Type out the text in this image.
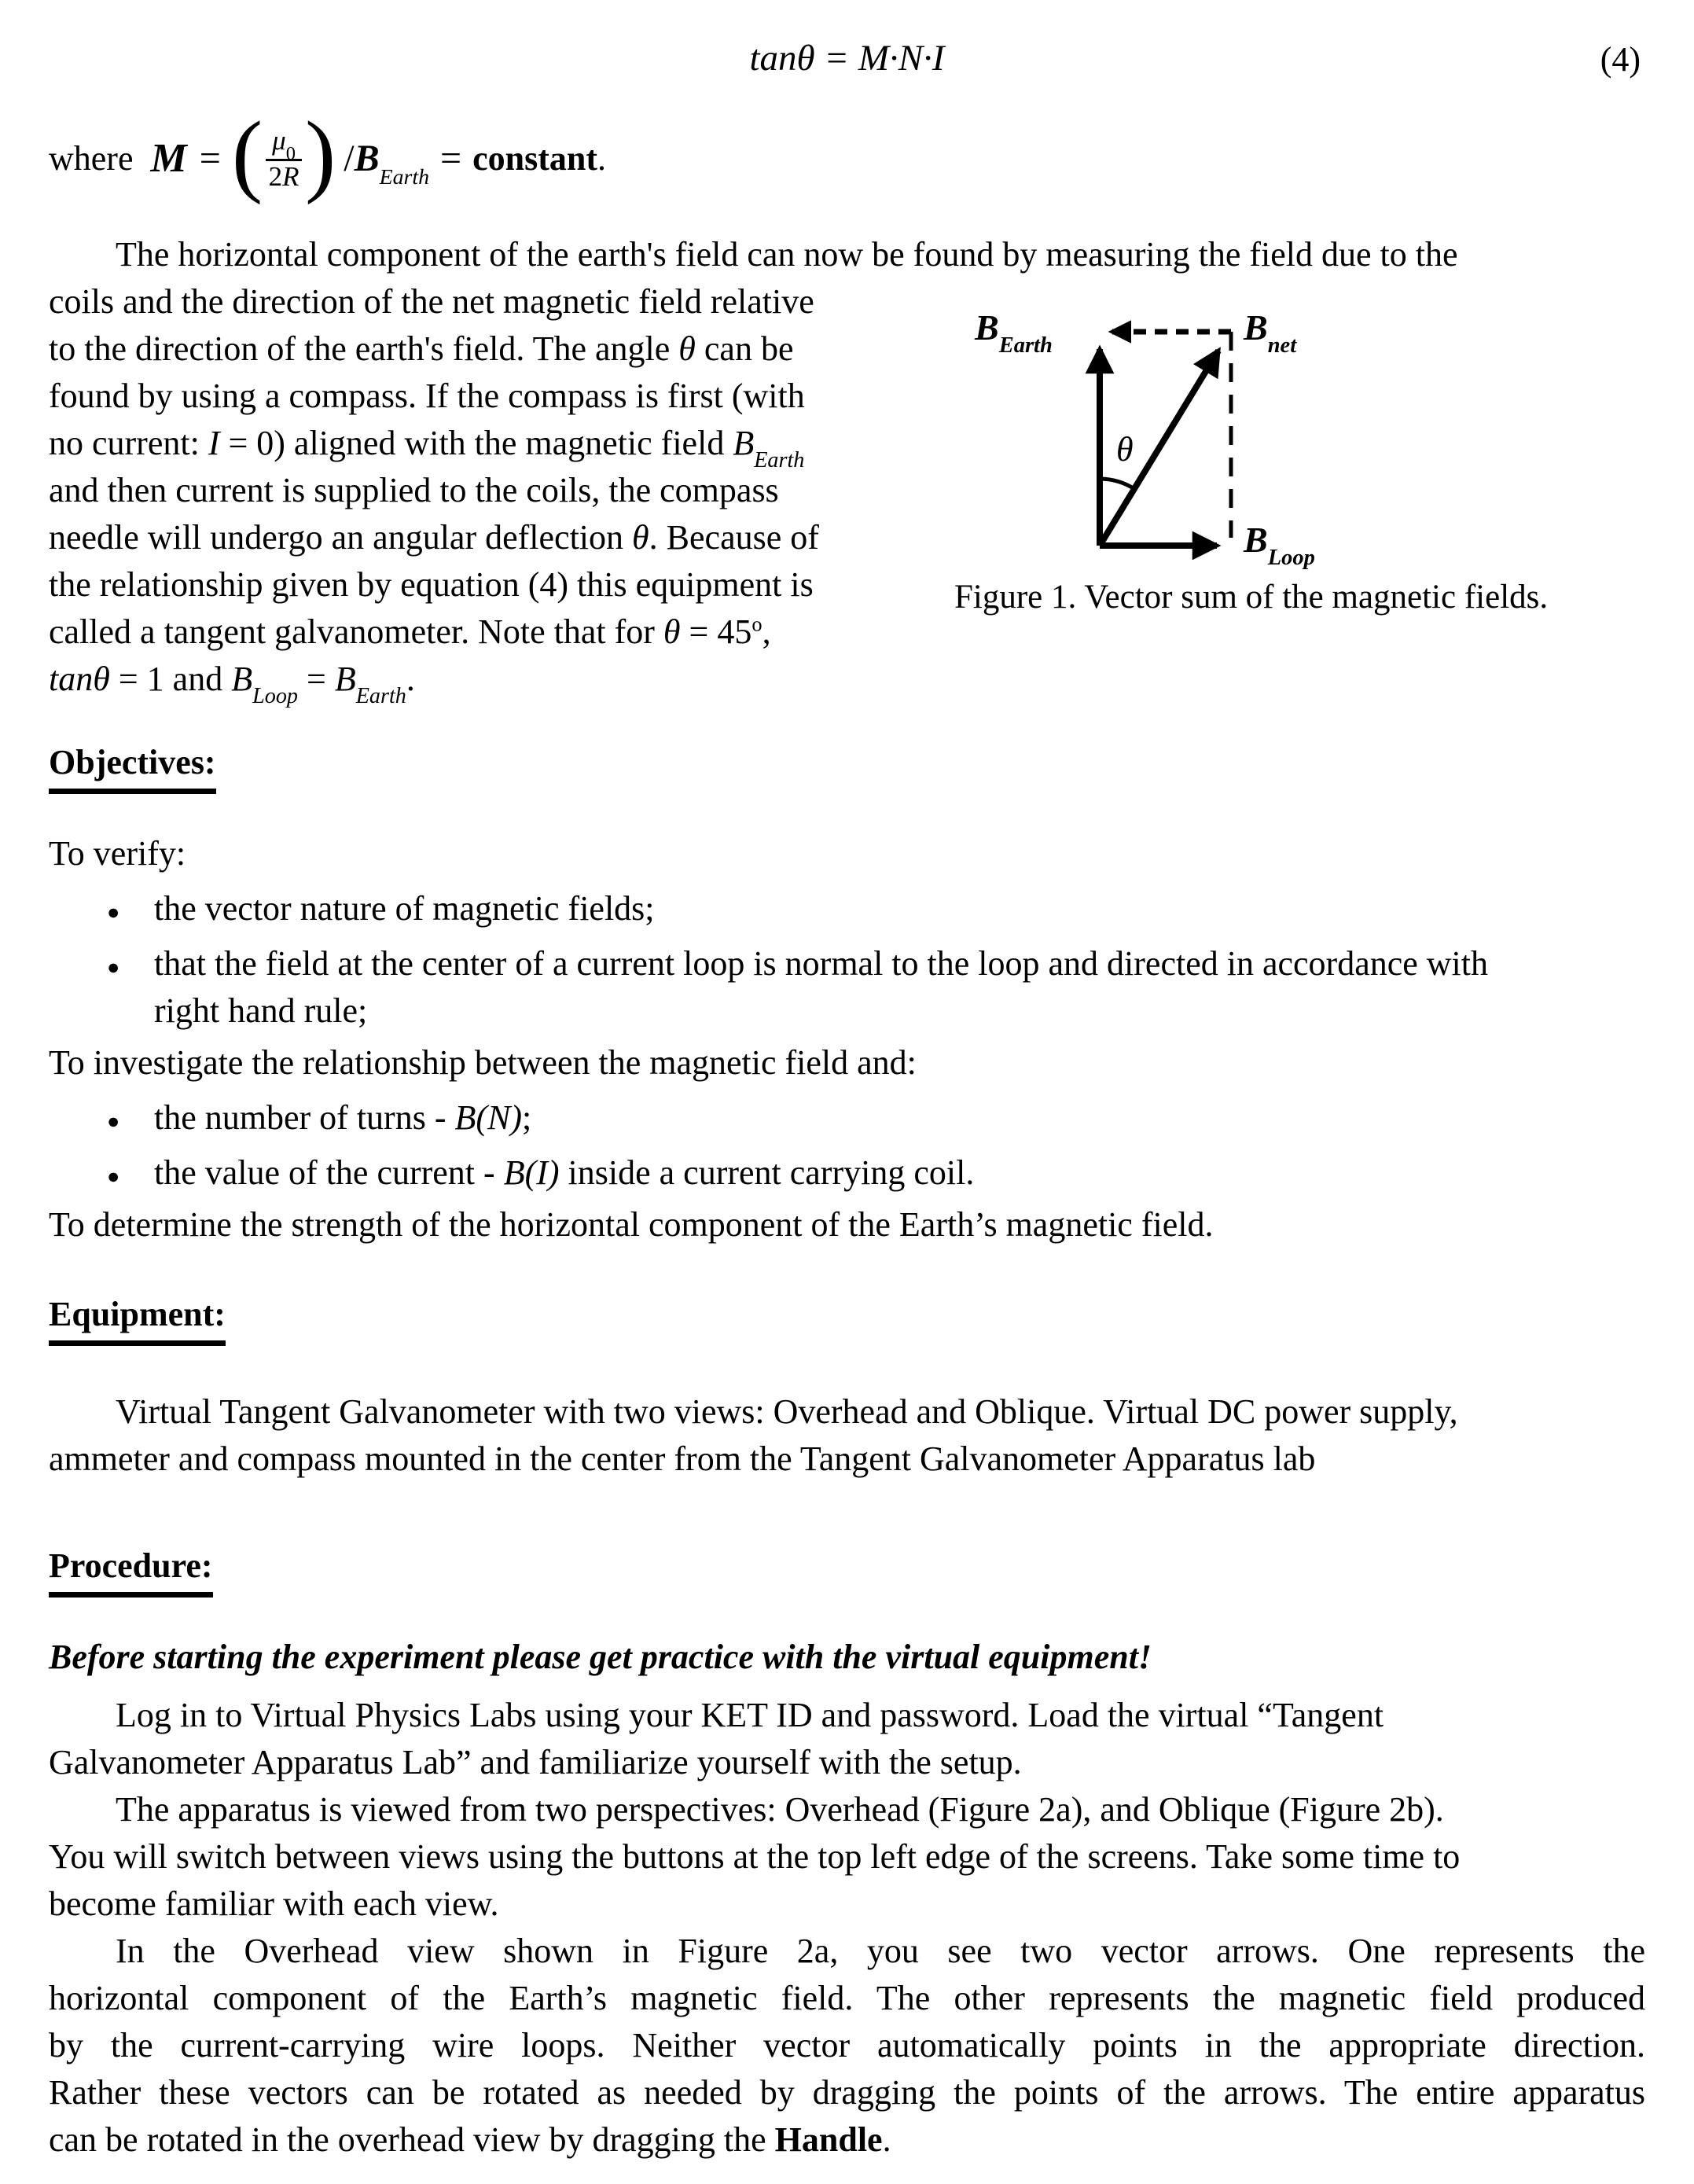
tanθ = M·N·I	(4)
where M = ( $\frac{\mu_0}{2R}$ ) $/B_{Earth}$ = constant.
The horizontal component of the earth's field can now be found by measuring the field due to the
coils and the direction of the net magnetic field relative
to the direction of the earth's field. The angle θ can be
found by using a compass. If the compass is first (with
no current: I = 0) aligned with the magnetic field $B_{Earth}$
and then current is supplied to the coils, the compass
needle will undergo an angular deflection θ. Because of
the relationship given by equation (4) this equipment is
called a tangent galvanometer. Note that for $\theta = 45^o$,
tanθ = 1 and $B_{Loop} = B_{Earth}$.
$B_{Earth}$	$B_{net}$
$B_{Loop}$
θ
Figure 1. Vector sum of the magnetic fields.
Objectives:
To verify:
● the vector nature of magnetic fields;
● that the field at the center of a current loop is normal to the loop and directed in accordance with
right hand rule;
To investigate the relationship between the magnetic field and:
● the number of turns - B(N);
● the value of the current - B(I) inside a current carrying coil.
To determine the strength of the horizontal component of the Earth’s magnetic field.
Equipment:
Virtual Tangent Galvanometer with two views: Overhead and Oblique. Virtual DC power supply,
ammeter and compass mounted in the center from the Tangent Galvanometer Apparatus lab
Procedure:
Before starting the experiment please get practice with the virtual equipment!
Log in to Virtual Physics Labs using your KET ID and password. Load the virtual “Tangent
Galvanometer Apparatus Lab” and familiarize yourself with the setup.
The apparatus is viewed from two perspectives: Overhead (Figure 2a), and Oblique (Figure 2b).
You will switch between views using the buttons at the top left edge of the screens. Take some time to
become familiar with each view.
In the Overhead view shown in Figure 2a, you see two vector arrows. One represents the
horizontal component of the Earth’s magnetic field. The other represents the magnetic field produced
by the current-carrying wire loops. Neither vector automatically points in the appropriate direction.
Rather these vectors can be rotated as needed by dragging the points of the arrows. The entire apparatus
can be rotated in the overhead view by dragging the Handle.
